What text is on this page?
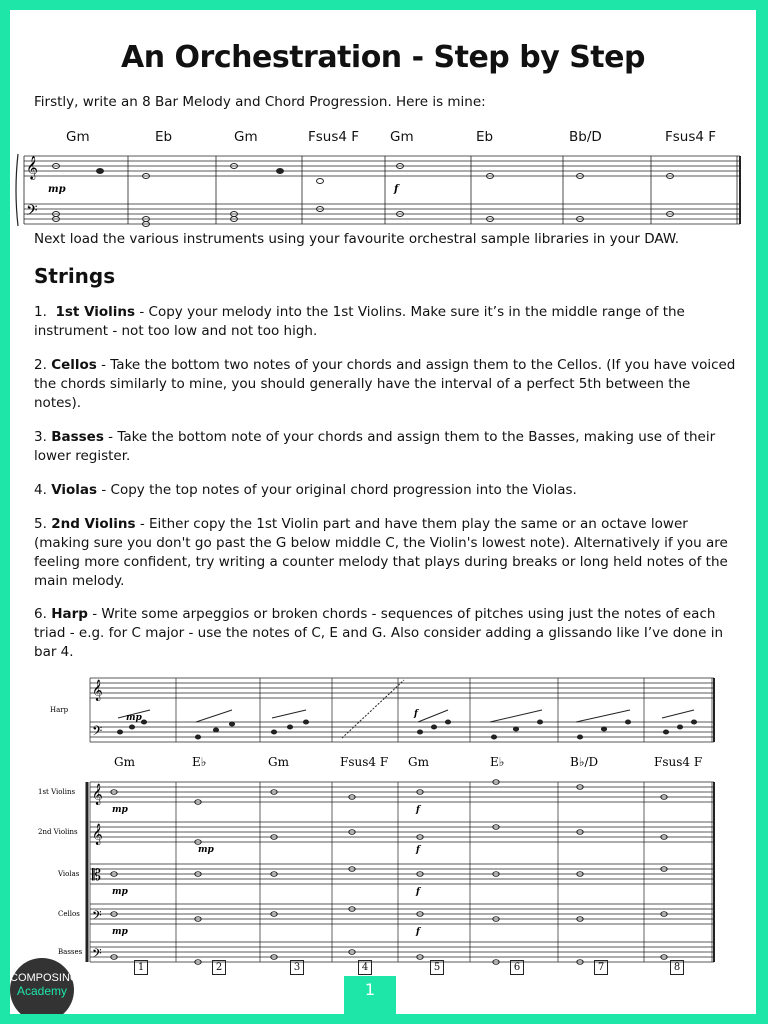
An Orchestration - Step by Step

Firstly, write an 8 Bar Melody and Chord Progression. Here is mine:

Gm	Eb	Gm	Fsus4 F Gm	Eb	Bb/D	Fsus4 F
𝄞
𝄢
mp	f

Next load the various instruments using your favourite orchestral sample libraries in your DAW.

Strings

1. 1st Violins - Copy your melody into the 1st Violins. Make sure it’s in the middle range of the instrument - not too low and not too high.

2. Cellos - Take the bottom two notes of your chords and assign them to the Cellos. (If you have voiced the chords similarly to mine, you should generally have the interval of a perfect 5th between the notes).

3. Basses - Take the bottom note of your chords and assign them to the Basses, making use of their lower register.

4. Violas - Copy the top notes of your original chord progression into the Violas.

5. 2nd Violins - Either copy the 1st Violin part and have them play the same or an octave lower (making sure you don't go past the G below middle C, the Violin's lowest note). Alternatively if you are feeling more confident, try writing a counter melody that plays during breaks or long held notes of the main melody.

6. Harp - Write some arpeggios or broken chords - sequences of pitches using just the notes of each triad - e.g. for C major - use the notes of C, E and G. Also consider adding a glissando like I’ve done in bar 4.

𝄞
𝄢
mp	f
Harp
Gm	E♭	Gm	Fsus4 F Gm	E♭	B♭/D	Fsus4 F
𝄞
𝄞
𝄡
𝄢
𝄢
mp	f
mp	f
mp	f
mp	f
1st Violins
2nd Violins
Violas
Cellos
Basses
1	2	3	4	5	6	7	8
COMPOSING
Academy	1
